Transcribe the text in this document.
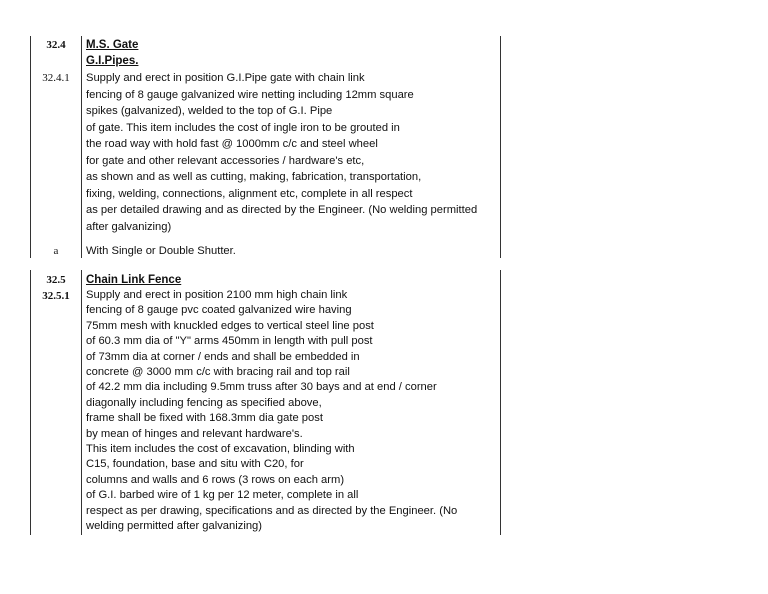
32.4	M.S. Gate
G.I.Pipes.
32.4.1	Supply and erect in position G.I.Pipe gate with chain link
fencing of 8 gauge galvanized wire netting including 12mm square
spikes (galvanized), welded to the top of G.I. Pipe
of gate. This item includes the cost of ingle iron to be grouted in
the road way with hold fast @ 1000mm c/c and steel wheel
for gate and other relevant accessories / hardware's etc,
as shown and as well as cutting, making, fabrication, transportation,
fixing, welding, connections, alignment etc, complete in all respect
as per detailed drawing and as directed by the Engineer. (No welding permitted
after galvanizing)
a	With Single or Double Shutter.
32.5	Chain Link Fence
32.5.1	Supply and erect in position 2100 mm high chain link
fencing of 8 gauge pvc coated galvanized wire having
75mm mesh with knuckled edges to vertical steel line post
of 60.3 mm dia of "Y" arms 450mm in length with pull post
of 73mm dia at corner / ends and shall be embedded in
concrete @ 3000 mm c/c with bracing rail and top rail
of 42.2 mm dia including 9.5mm truss after 30 bays and at end / corner
diagonally including fencing as specified above,
frame shall be fixed with 168.3mm dia gate post
by mean of hinges and relevant hardware's.
This item includes the cost of excavation, blinding with
C15, foundation, base and situ with C20, for
columns and walls and 6 rows (3 rows on each arm)
of G.I. barbed wire of 1 kg per 12 meter, complete in all
respect as per drawing, specifications and as directed by the Engineer. (No
welding permitted after galvanizing)
